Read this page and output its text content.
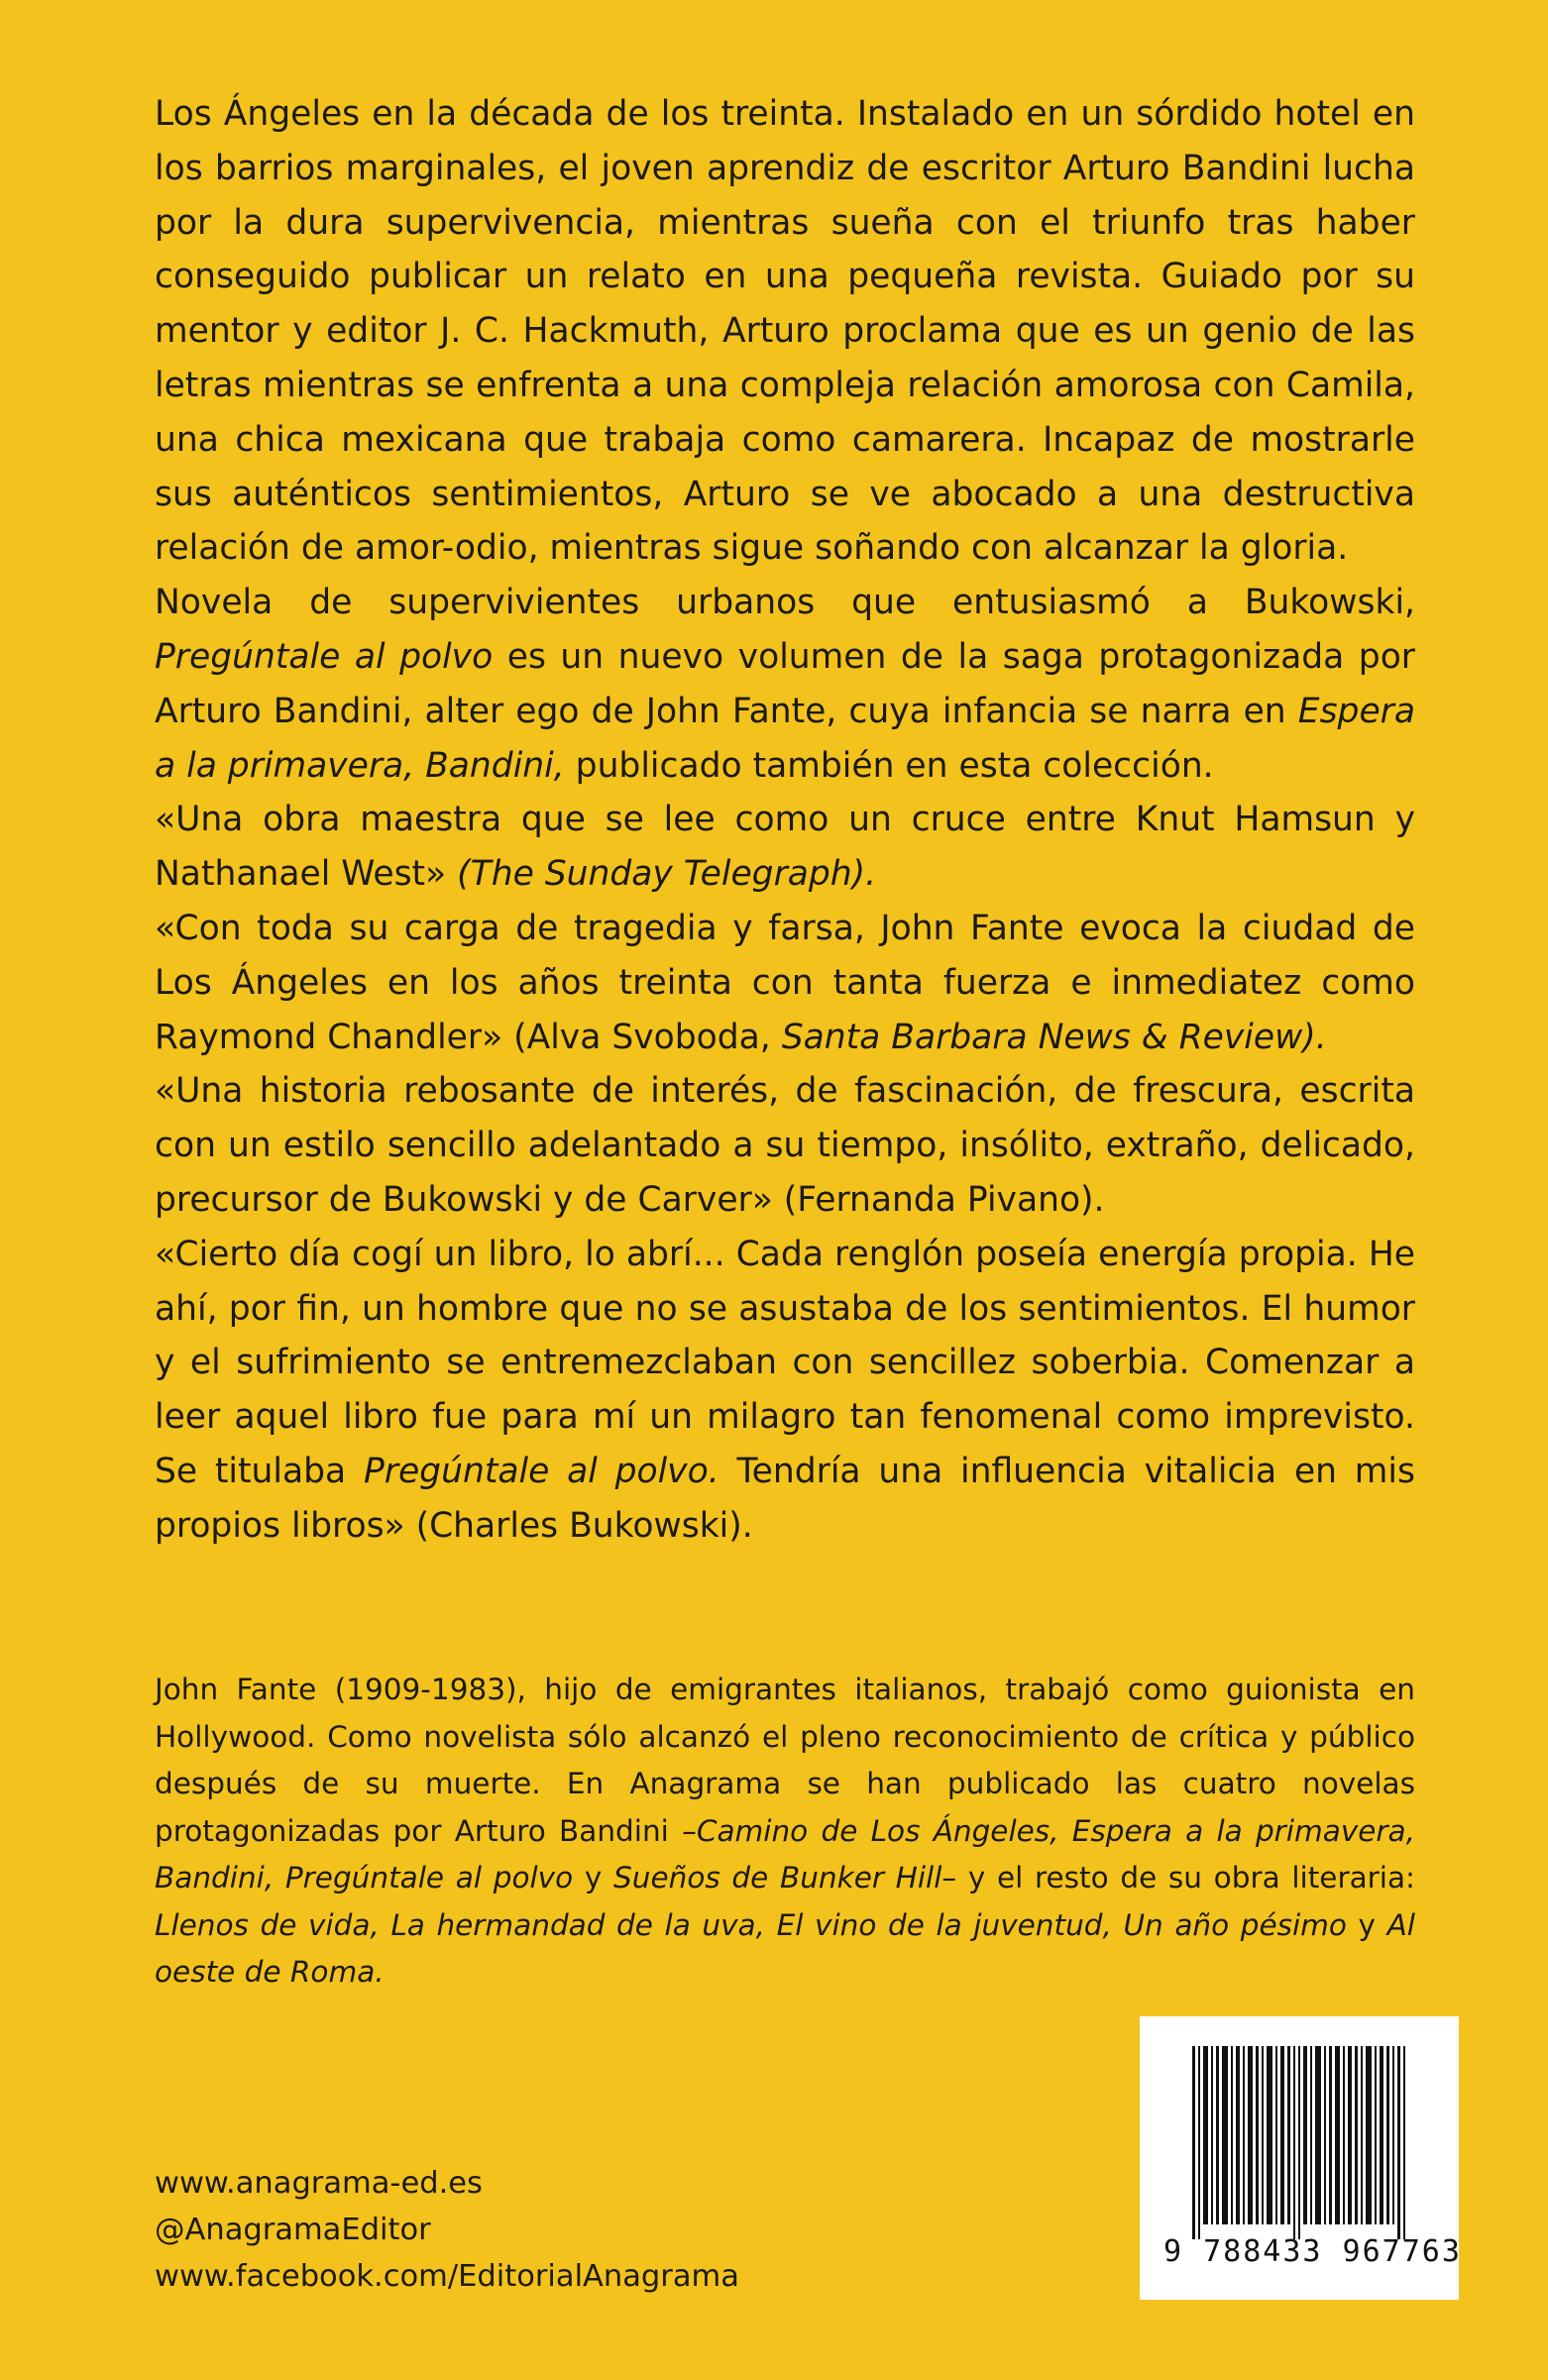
Los Ángeles en la década de los treinta. Instalado en un sórdido hotel en los barrios marginales, el joven aprendiz de escritor Arturo Bandini lucha por la dura supervivencia, mientras sueña con el triunfo tras haber conseguido publicar un relato en una pequeña revista. Guiado por su mentor y editor J. C. Hackmuth, Arturo proclama que es un genio de las letras mientras se enfrenta a una compleja relación amorosa con Camila, una chica mexicana que trabaja como camarera. Incapaz de mostrarle sus auténticos sentimientos, Arturo se ve abocado a una destructiva relación de amor-odio, mientras sigue soñando con alcanzar la gloria.

Novela de supervivientes urbanos que entusiasmó a Bukowski, Pregúntale al polvo es un nuevo volumen de la saga protagonizada por Arturo Bandini, alter ego de John Fante, cuya infancia se narra en Espera a la primavera, Bandini, publicado también en esta colección.

«Una obra maestra que se lee como un cruce entre Knut Hamsun y Nathanael West» (The Sunday Telegraph).

«Con toda su carga de tragedia y farsa, John Fante evoca la ciudad de Los Ángeles en los años treinta con tanta fuerza e inmediatez como Raymond Chandler» (Alva Svoboda, Santa Barbara News & Review).

«Una historia rebosante de interés, de fascinación, de frescura, escrita con un estilo sencillo adelantado a su tiempo, insólito, extraño, delicado, precursor de Bukowski y de Carver» (Fernanda Pivano).

«Cierto día cogí un libro, lo abrí... Cada renglón poseía energía propia. He ahí, por fin, un hombre que no se asustaba de los sentimientos. El humor y el sufrimiento se entremezclaban con sencillez soberbia. Comenzar a leer aquel libro fue para mí un milagro tan fenomenal como imprevisto. Se titulaba Pregúntale al polvo. Tendría una influencia vitalicia en mis propios libros» (Charles Bukowski).

John Fante (1909-1983), hijo de emigrantes italianos, trabajó como guionista en Hollywood. Como novelista sólo alcanzó el pleno reconocimiento de crítica y público después de su muerte. En Anagrama se han publicado las cuatro novelas protagonizadas por Arturo Bandini –Camino de Los Ángeles, Espera a la primavera, Bandini, Pregúntale al polvo y Sueños de Bunker Hill– y el resto de su obra literaria: Llenos de vida, La hermandad de la uva, El vino de la juventud, Un año pésimo y Al oeste de Roma.

www.anagrama-ed.es
@AnagramaEditor
www.facebook.com/EditorialAnagrama
9 788433 967763
